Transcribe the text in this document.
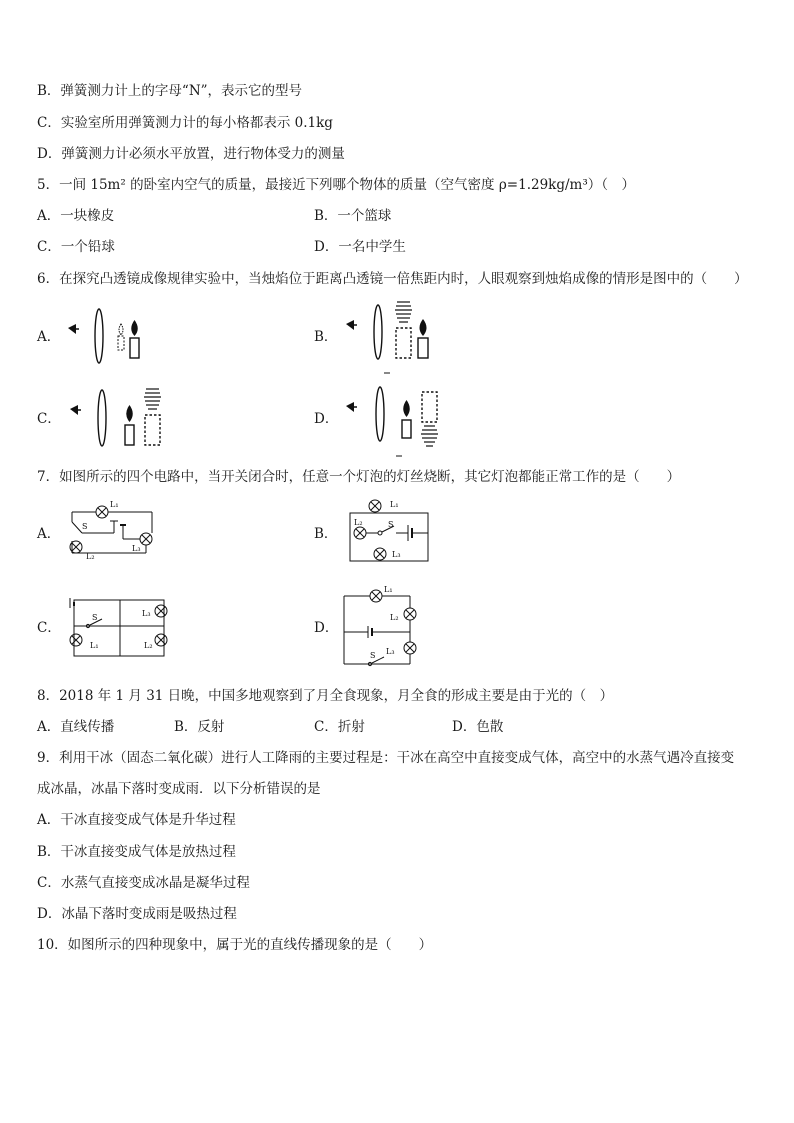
B．弹簧测力计上的字母“N”，表示它的型号
C．实验室所用弹簧测力计的每小格都表示 0.1kg
D．弹簧测力计必须水平放置，进行物体受力的测量
5．一间 15m² 的卧室内空气的质量，最接近下列哪个物体的质量（空气密度 ρ=1.29kg/m³）（　）
A．一块橡皮	B．一个篮球
C．一个铅球	D．一名中学生
6．在探究凸透镜成像规律实验中，当烛焰位于距离凸透镜一倍焦距内时，人眼观察到烛焰成像的情形是图中的（　　）
A．	B．
C．	D．
7．如图所示的四个电路中，当开关闭合时，任意一个灯泡的灯丝烧断，其它灯泡都能正常工作的是（　　）
A．	B．
C．	D．
L₁
S
L₂
L₃
L₁
L₂	S
L₃
S
L₁
L₃
L₂
L₁
L₂
L₃
S
8．2018 年 1 月 31 日晚，中国多地观察到了月全食现象，月全食的形成主要是由于光的（　）
A．直线传播	B．反射	C．折射	D．色散
9．利用干冰（固态二氧化碳）进行人工降雨的主要过程是：干冰在高空中直接变成气体，高空中的水蒸气遇冷直接变
成冰晶，冰晶下落时变成雨．以下分析错误的是
A．干冰直接变成气体是升华过程
B．干冰直接变成气体是放热过程
C．水蒸气直接变成冰晶是凝华过程
D．冰晶下落时变成雨是吸热过程
10．如图所示的四种现象中，属于光的直线传播现象的是（　　）
